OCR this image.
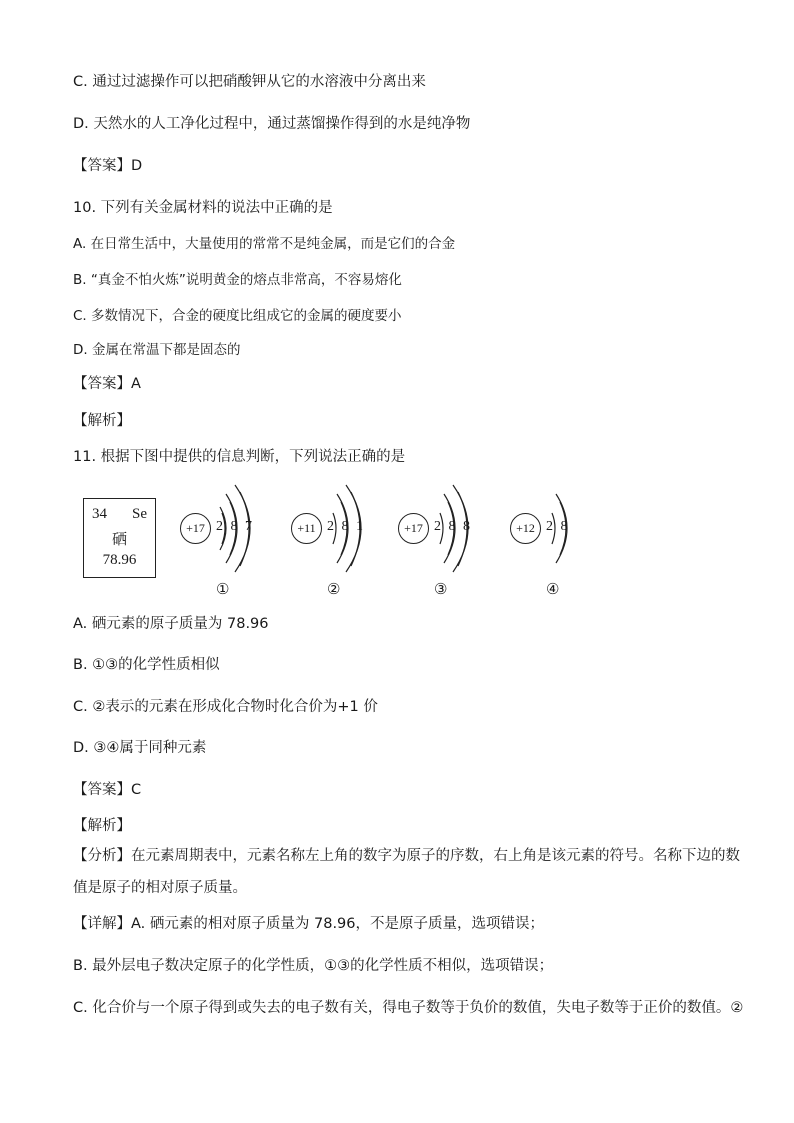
C. 通过过滤操作可以把硝酸钾从它的水溶液中分离出来
D. 天然水的人工净化过程中，通过蒸馏操作得到的水是纯净物
【答案】D
10. 下列有关金属材料的说法中正确的是
A. 在日常生活中，大量使用的常常不是纯金属，而是它们的合金
B. “真金不怕火炼”说明黄金的熔点非常高，不容易熔化
C. 多数情况下，合金的硬度比组成它的金属的硬度要小
D. 金属在常温下都是固态的
【答案】A
【解析】
11. 根据下图中提供的信息判断，下列说法正确的是
34 Se
硒
78.96
+17 2 8 7
①
+11 2 8 1
②
+17 2 8 8
③
+12 2 8
④
A. 硒元素的原子质量为 78.96
B. ①③的化学性质相似
C. ②表示的元素在形成化合物时化合价为+1 价
D. ③④属于同种元素
【答案】C
【解析】
【分析】在元素周期表中，元素名称左上角的数字为原子的序数，右上角是该元素的符号。名称下边的数
值是原子的相对原子质量。
【详解】A. 硒元素的相对原子质量为 78.96，不是原子质量，选项错误；
B. 最外层电子数决定原子的化学性质，①③的化学性质不相似，选项错误；
C. 化合价与一个原子得到或失去的电子数有关，得电子数等于负价的数值，失电子数等于正价的数值。②
